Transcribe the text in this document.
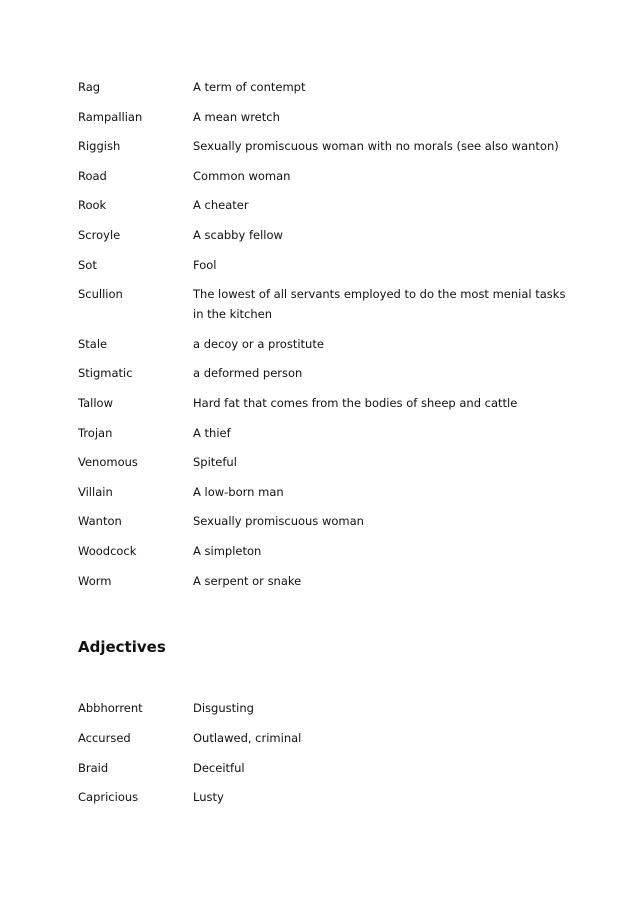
Rag	A term of contempt
Rampallian	A mean wretch
Riggish	Sexually promiscuous woman with no morals (see also wanton)
Road	Common woman
Rook	A cheater
Scroyle	A scabby fellow
Sot	Fool
Scullion	The lowest of all servants employed to do the most menial tasks in the kitchen
Stale	a decoy or a prostitute
Stigmatic	a deformed person
Tallow	Hard fat that comes from the bodies of sheep and cattle
Trojan	A thief
Venomous	Spiteful
Villain	A low-born man
Wanton	Sexually promiscuous woman
Woodcock	A simpleton
Worm	A serpent or snake
Adjectives
Abbhorrent	Disgusting
Accursed	Outlawed, criminal
Braid	Deceitful
Capricious	Lusty
